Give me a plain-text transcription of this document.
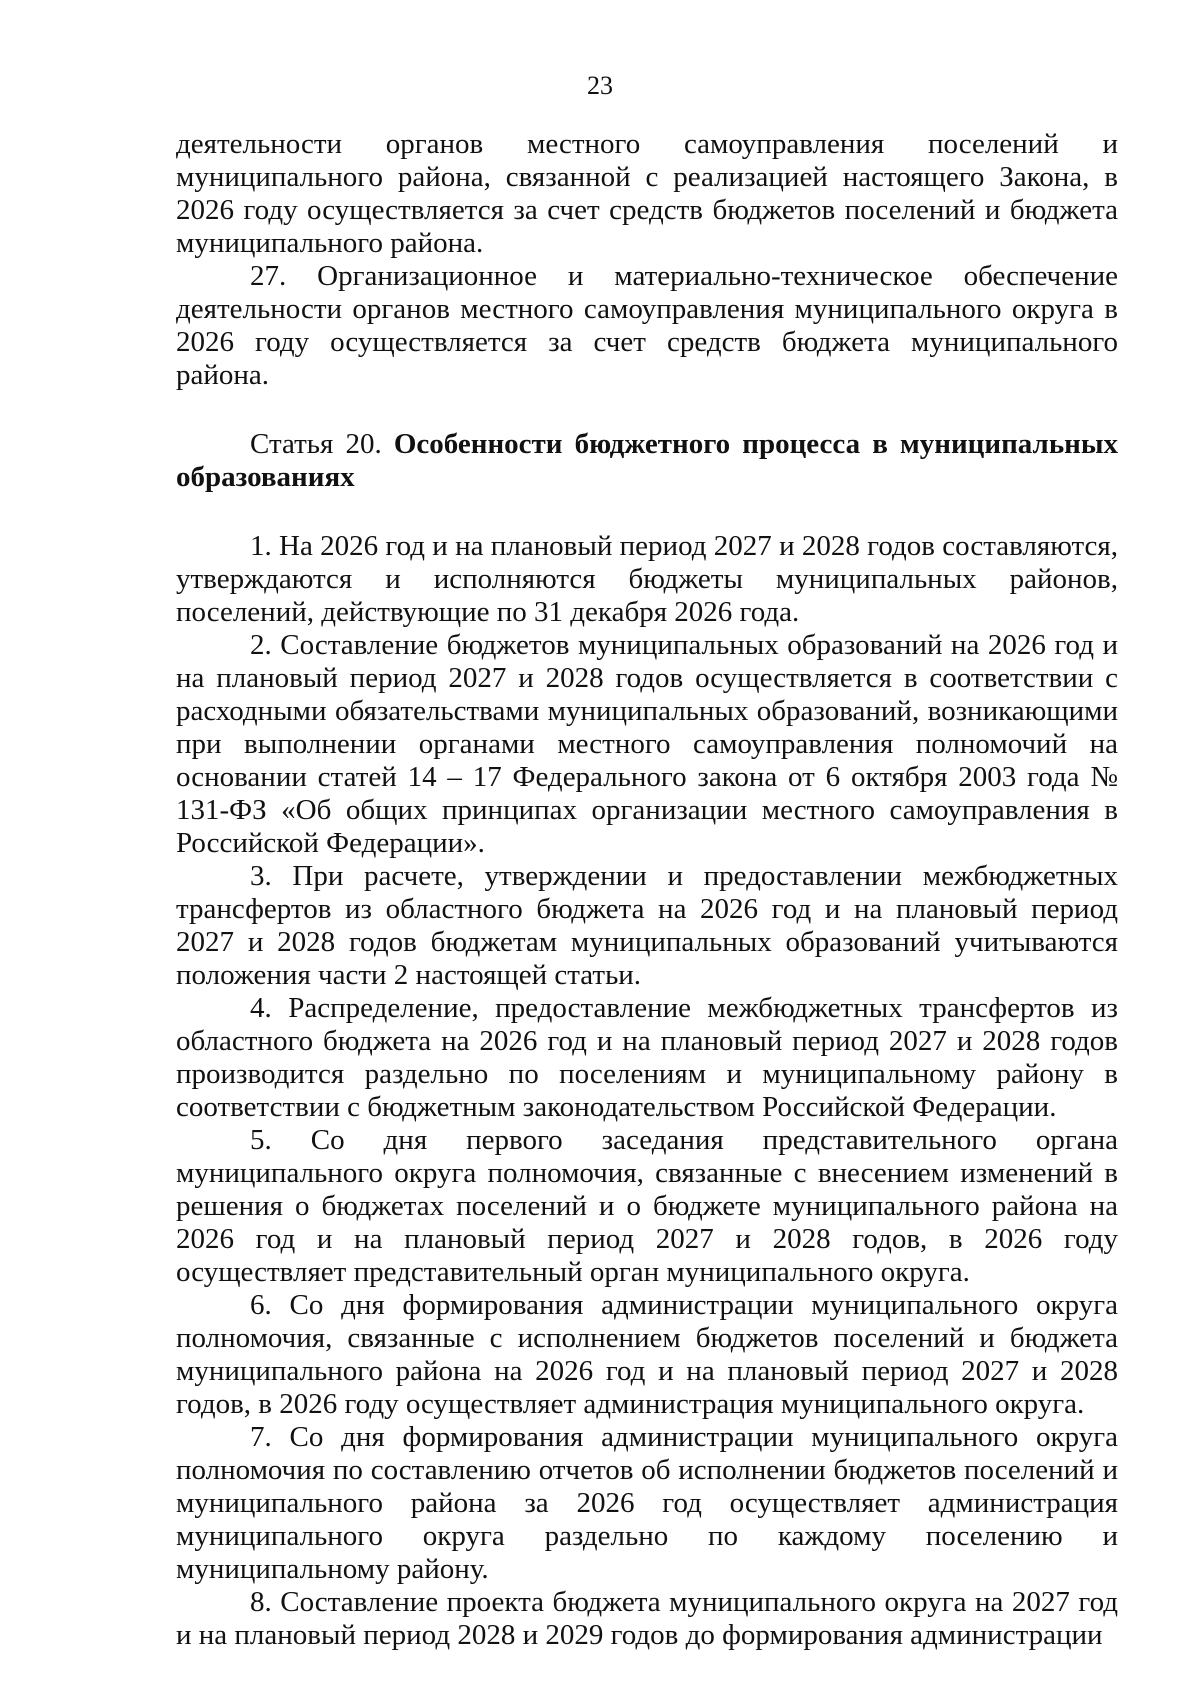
23

деятельности органов местного самоуправления поселений и муниципального района, связанной с реализацией настоящего Закона, в 2026 году осуществляется за счет средств бюджетов поселений и бюджета муниципального района.

27. Организационное и материально-техническое обеспечение деятельности органов местного самоуправления муниципального округа в 2026 году осуществляется за счет средств бюджета муниципального района.

Статья 20. Особенности бюджетного процесса в муниципальных образованиях

1. На 2026 год и на плановый период 2027 и 2028 годов составляются, утверждаются и исполняются бюджеты муниципальных районов, поселений, действующие по 31 декабря 2026 года.

2. Составление бюджетов муниципальных образований на 2026 год и на плановый период 2027 и 2028 годов осуществляется в соответствии с расходными обязательствами муниципальных образований, возникающими при выполнении органами местного самоуправления полномочий на основании статей 14 – 17 Федерального закона от 6 октября 2003 года № 131-ФЗ «Об общих принципах организации местного самоуправления в Российской Федерации».

3. При расчете, утверждении и предоставлении межбюджетных трансфертов из областного бюджета на 2026 год и на плановый период 2027 и 2028 годов бюджетам муниципальных образований учитываются положения части 2 настоящей статьи.

4. Распределение, предоставление межбюджетных трансфертов из областного бюджета на 2026 год и на плановый период 2027 и 2028 годов производится раздельно по поселениям и муниципальному району в соответствии с бюджетным законодательством Российской Федерации.

5. Со дня первого заседания представительного органа муниципального округа полномочия, связанные с внесением изменений в решения о бюджетах поселений и о бюджете муниципального района на 2026 год и на плановый период 2027 и 2028 годов, в 2026 году осуществляет представительный орган муниципального округа.

6. Со дня формирования администрации муниципального округа полномочия, связанные с исполнением бюджетов поселений и бюджета муниципального района на 2026 год и на плановый период 2027 и 2028 годов, в 2026 году осуществляет администрация муниципального округа.

7. Со дня формирования администрации муниципального округа полномочия по составлению отчетов об исполнении бюджетов поселений и муниципального района за 2026 год осуществляет администрация муниципального округа раздельно по каждому поселению и муниципальному району.

8. Составление проекта бюджета муниципального округа на 2027 год и на плановый период 2028 и 2029 годов до формирования администрации
